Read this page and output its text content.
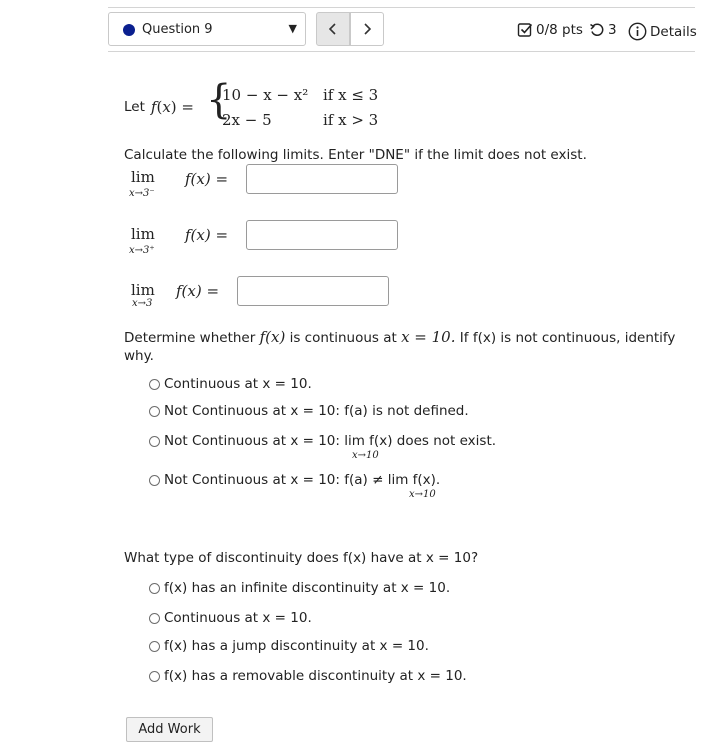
Question 9	▼	0/8 pts 3 Details
Let f(x) = {
10 − x − x² if x ≤ 3
2x − 5	if x > 3
Calculate the following limits. Enter "DNE" if the limit does not exist.
lim
x→3⁻
f(x) =
lim
x→3⁺
f(x) =
lim
x→3
f(x) =
Determine whether f(x) is continuous at x = 10. If f(x) is not continuous, identify
why.
Continuous at x = 10.
Not Continuous at x = 10: f(a) is not defined.
Not Continuous at x = 10: lim f(x) does not exist.
x→10
Not Continuous at x = 10: f(a) ≠ lim f(x).
x→10
What type of discontinuity does f(x) have at x = 10?
f(x) has an infinite discontinuity at x = 10.
Continuous at x = 10.
f(x) has a jump discontinuity at x = 10.
f(x) has a removable discontinuity at x = 10.
Add Work
